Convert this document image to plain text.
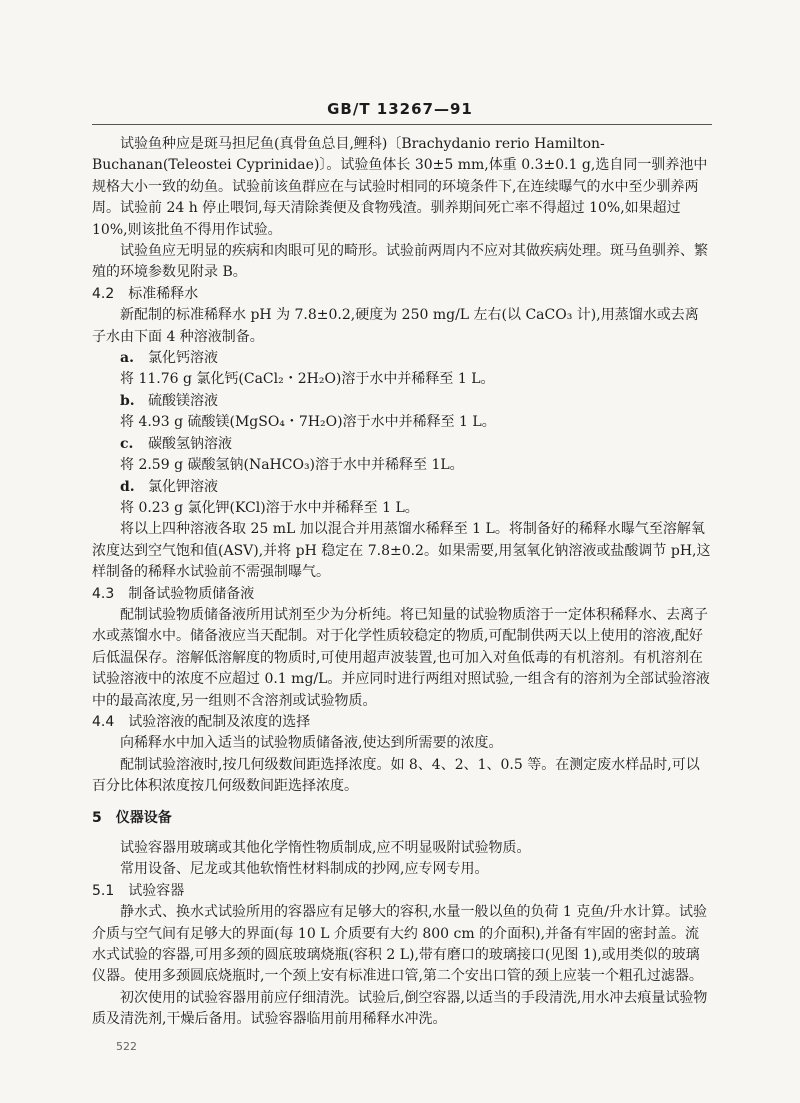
GB/T 13267—91

试验鱼种应是斑马担尼鱼(真骨鱼总目,鲤科)〔Brachydanio rerio Hamilton-Buchanan(Teleostei Cyprinidae)〕。试验鱼体长 30±5 mm,体重 0.3±0.1 g,选自同一驯养池中规格大小一致的幼鱼。试验前该鱼群应在与试验时相同的环境条件下,在连续曝气的水中至少驯养两周。试验前 24 h 停止喂饲,每天清除粪便及食物残渣。驯养期间死亡率不得超过 10%,如果超过 10%,则该批鱼不得用作试验。

试验鱼应无明显的疾病和肉眼可见的畸形。试验前两周内不应对其做疾病处理。斑马鱼驯养、繁殖的环境参数见附录 B。

4.2　标准稀释水

新配制的标准稀释水 pH 为 7.8±0.2,硬度为 250 mg/L 左右(以 CaCO₃ 计),用蒸馏水或去离子水由下面 4 种溶液制备。

a. 氯化钙溶液

将 11.76 g 氯化钙(CaCl₂・2H₂O)溶于水中并稀释至 1 L。

b. 硫酸镁溶液

将 4.93 g 硫酸镁(MgSO₄・7H₂O)溶于水中并稀释至 1 L。

c. 碳酸氢钠溶液

将 2.59 g 碳酸氢钠(NaHCO₃)溶于水中并稀释至 1L。

d. 氯化钾溶液

将 0.23 g 氯化钾(KCl)溶于水中并稀释至 1 L。

将以上四种溶液各取 25 mL 加以混合并用蒸馏水稀释至 1 L。将制备好的稀释水曝气至溶解氧浓度达到空气饱和值(ASV),并将 pH 稳定在 7.8±0.2。如果需要,用氢氧化钠溶液或盐酸调节 pH,这样制备的稀释水试验前不需强制曝气。

4.3　制备试验物质储备液

配制试验物质储备液所用试剂至少为分析纯。将已知量的试验物质溶于一定体积稀释水、去离子水或蒸馏水中。储备液应当天配制。对于化学性质较稳定的物质,可配制供两天以上使用的溶液,配好后低温保存。溶解低溶解度的物质时,可使用超声波装置,也可加入对鱼低毒的有机溶剂。有机溶剂在试验溶液中的浓度不应超过 0.1 mg/L。并应同时进行两组对照试验,一组含有的溶剂为全部试验溶液中的最高浓度,另一组则不含溶剂或试验物质。

4.4　试验溶液的配制及浓度的选择

向稀释水中加入适当的试验物质储备液,使达到所需要的浓度。

配制试验溶液时,按几何级数间距选择浓度。如 8、4、2、1、0.5 等。在测定废水样品时,可以百分比体积浓度按几何级数间距选择浓度。

5　仪器设备

试验容器用玻璃或其他化学惰性物质制成,应不明显吸附试验物质。

常用设备、尼龙或其他软惰性材料制成的抄网,应专网专用。

5.1　试验容器

静水式、换水式试验所用的容器应有足够大的容积,水量一般以鱼的负荷 1 克鱼/升水计算。试验介质与空气间有足够大的界面(每 10 L 介质要有大约 800 cm 的介面积),并备有牢固的密封盖。流水式试验的容器,可用多颈的圆底玻璃烧瓶(容积 2 L),带有磨口的玻璃接口(见图 1),或用类似的玻璃仪器。使用多颈圆底烧瓶时,一个颈上安有标准进口管,第二个安出口管的颈上应装一个粗孔过滤器。

初次使用的试验容器用前应仔细清洗。试验后,倒空容器,以适当的手段清洗,用水冲去痕量试验物质及清洗剂,干燥后备用。试验容器临用前用稀释水冲洗。

522
